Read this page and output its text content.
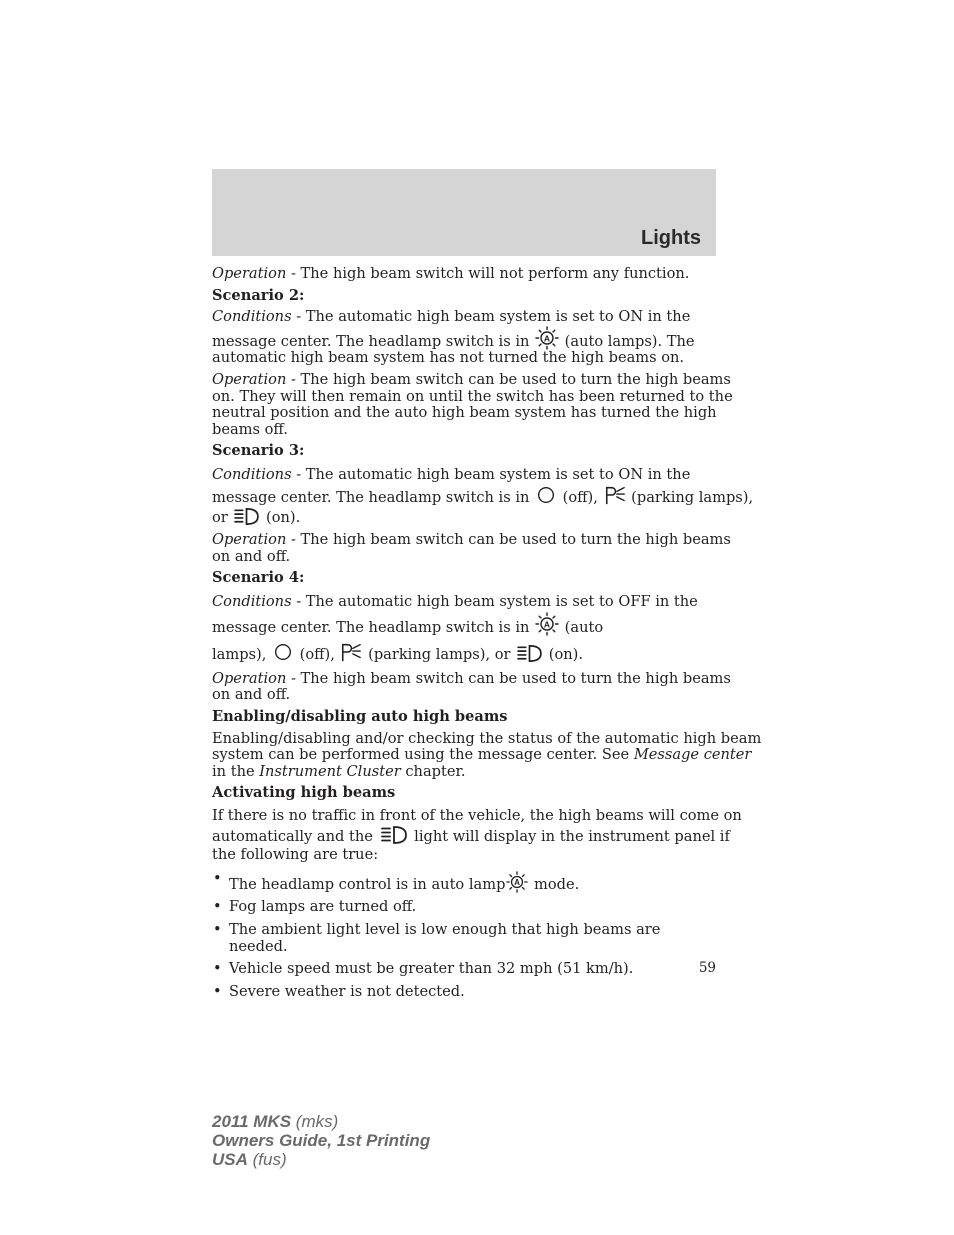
Lights

Operation - The high beam switch will not perform any function.

Scenario 2:

Conditions - The automatic high beam system is set to ON in the
message center. The headlamp switch is in  (auto lamps). The
automatic high beam system has not turned the high beams on.

Operation - The high beam switch can be used to turn the high beams
on. They will then remain on until the switch has been returned to the
neutral position and the auto high beam system has turned the high
beams off.

Scenario 3:

Conditions - The automatic high beam system is set to ON in the
message center. The headlamp switch is in  (off),  (parking lamps),
or  (on).

Operation - The high beam switch can be used to turn the high beams
on and off.

Scenario 4:

Conditions - The automatic high beam system is set to OFF in the
message center. The headlamp switch is in  (auto
lamps),  (off),  (parking lamps), or  (on).

Operation - The high beam switch can be used to turn the high beams
on and off.

Enabling/disabling auto high beams

Enabling/disabling and/or checking the status of the automatic high beam
system can be performed using the message center. See Message center
in the Instrument Cluster chapter.

Activating high beams

If there is no traffic in front of the vehicle, the high beams will come on
automatically and the	light will display in the instrument panel if
the following are true:

• The headlamp control is in auto lamp mode.
• Fog lamps are turned off.
• The ambient light level is low enough that high beams are needed.
• Vehicle speed must be greater than 32 mph (51 km/h).
• Severe weather is not detected.
59
2011 MKS (mks)
Owners Guide, 1st Printing
USA (fus)
